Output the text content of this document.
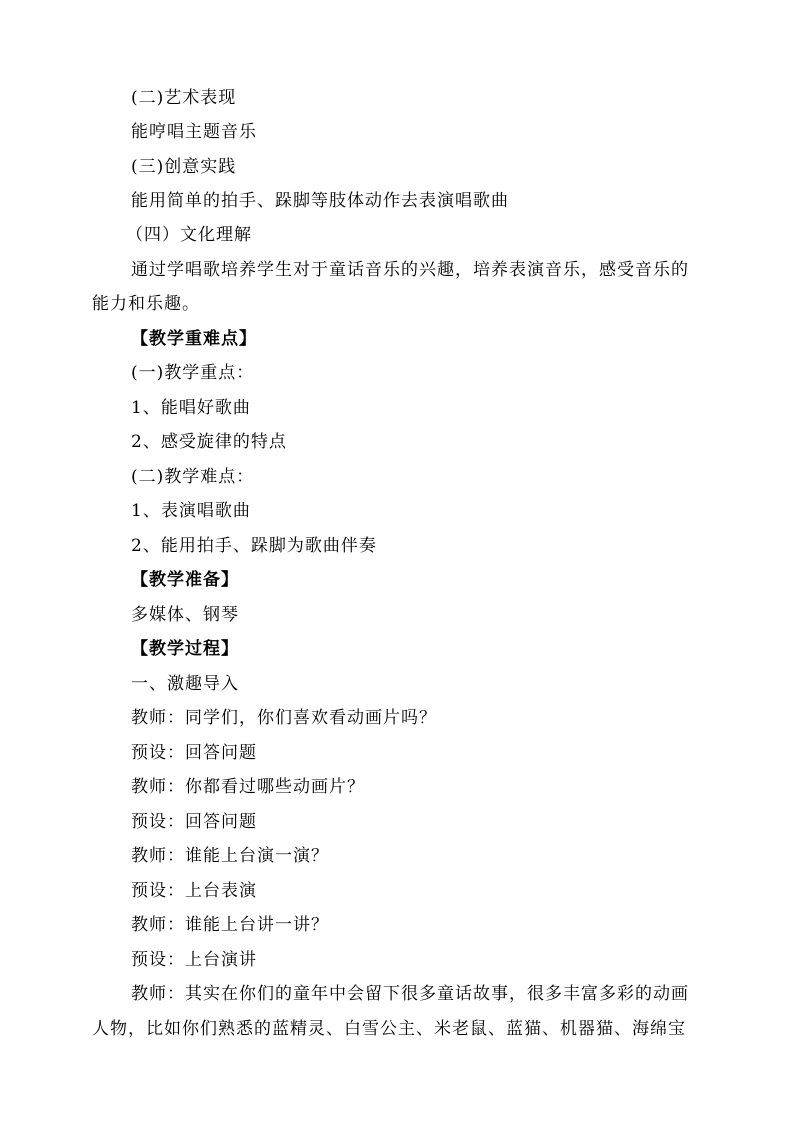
(二)艺术表现
能哼唱主题音乐
(三)创意实践
能用简单的拍手、跺脚等肢体动作去表演唱歌曲
（四）文化理解
通过学唱歌培养学生对于童话音乐的兴趣，培养表演音乐，感受音乐的
能力和乐趣。
【教学重难点】
(一)教学重点：
1、能唱好歌曲
2、感受旋律的特点
(二)教学难点：
1、表演唱歌曲
2、能用拍手、跺脚为歌曲伴奏
【教学准备】
多媒体、钢琴
【教学过程】
一、激趣导入
教师：同学们，你们喜欢看动画片吗？
预设：回答问题
教师：你都看过哪些动画片？
预设：回答问题
教师：谁能上台演一演？
预设：上台表演
教师：谁能上台讲一讲？
预设：上台演讲
教师：其实在你们的童年中会留下很多童话故事，很多丰富多彩的动画
人物，比如你们熟悉的蓝精灵、白雪公主、米老鼠、蓝猫、机器猫、海绵宝
